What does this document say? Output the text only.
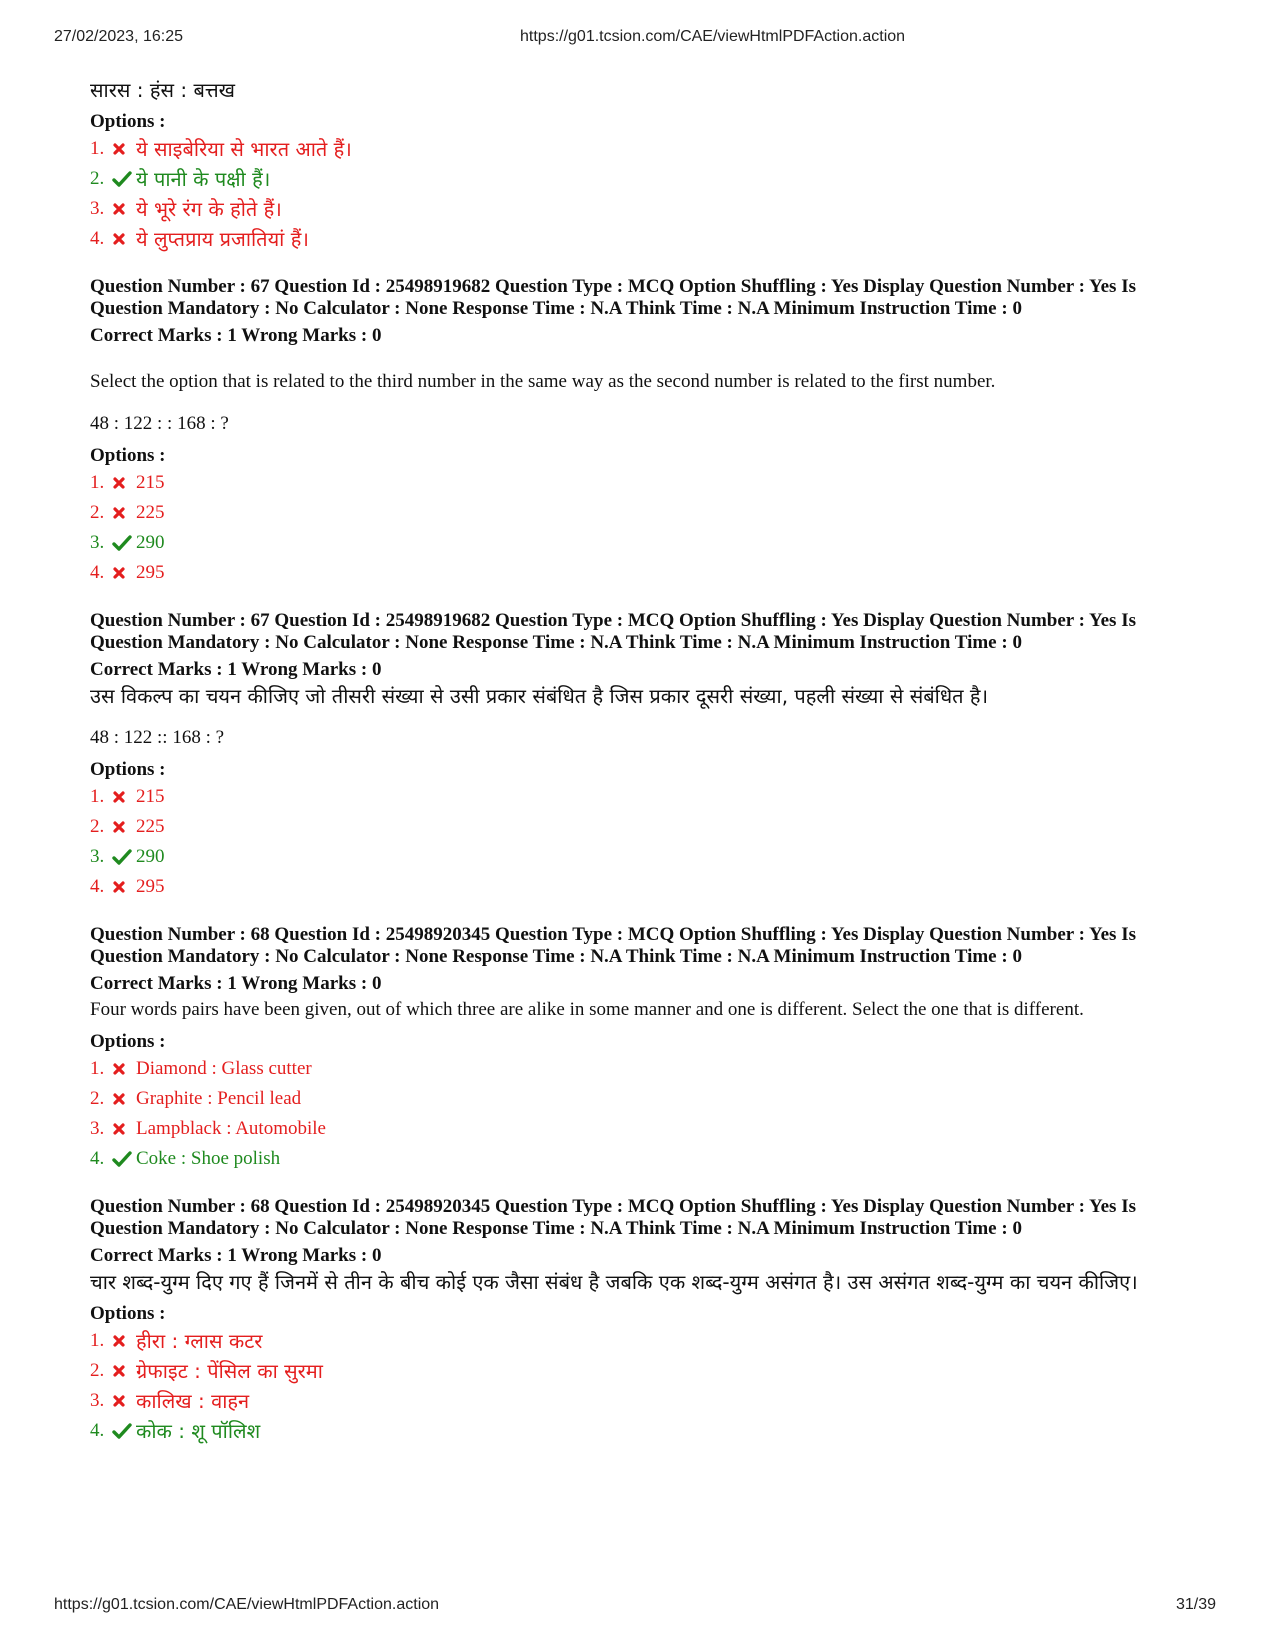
27/02/2023, 16:25	https://g01.tcsion.com/CAE/viewHtmlPDFAction.action
सारस : हंस : बत्तख
Options :
1.	ये साइबेरिया से भारत आते हैं।
2.	ये पानी के पक्षी हैं।
3.	ये भूरे रंग के होते हैं।
4.	ये लुप्तप्राय प्रजातियां हैं।
Question Number : 67 Question Id : 25498919682 Question Type : MCQ Option Shuffling : Yes Display Question Number : Yes Is
Question Mandatory : No Calculator : None Response Time : N.A Think Time : N.A Minimum Instruction Time : 0
Correct Marks : 1 Wrong Marks : 0
Select the option that is related to the third number in the same way as the second number is related to the first number.
48 : 122 : : 168 : ?
Options :
1.	215
2.	225
3.	290
4.	295
Question Number : 67 Question Id : 25498919682 Question Type : MCQ Option Shuffling : Yes Display Question Number : Yes Is
Question Mandatory : No Calculator : None Response Time : N.A Think Time : N.A Minimum Instruction Time : 0
Correct Marks : 1 Wrong Marks : 0
उस विकल्प का चयन कीजिए जो तीसरी संख्या से उसी प्रकार संबंधित है जिस प्रकार दूसरी संख्या, पहली संख्या से संबंधित है।
48 : 122 :: 168 : ?
Options :
1.	215
2.	225
3.	290
4.	295
Question Number : 68 Question Id : 25498920345 Question Type : MCQ Option Shuffling : Yes Display Question Number : Yes Is
Question Mandatory : No Calculator : None Response Time : N.A Think Time : N.A Minimum Instruction Time : 0
Correct Marks : 1 Wrong Marks : 0
Four words pairs have been given, out of which three are alike in some manner and one is different. Select the one that is different.
Options :
1.	Diamond : Glass cutter
2.	Graphite : Pencil lead
3.	Lampblack : Automobile
4.	Coke : Shoe polish
Question Number : 68 Question Id : 25498920345 Question Type : MCQ Option Shuffling : Yes Display Question Number : Yes Is
Question Mandatory : No Calculator : None Response Time : N.A Think Time : N.A Minimum Instruction Time : 0
Correct Marks : 1 Wrong Marks : 0
चार शब्द-युग्म दिए गए हैं जिनमें से तीन के बीच कोई एक जैसा संबंध है जबकि एक शब्द-युग्म असंगत है। उस असंगत शब्द-युग्म का चयन कीजिए।
Options :
1.	हीरा : ग्लास कटर
2.	ग्रेफाइट : पेंसिल का सुरमा
3.	कालिख : वाहन
4.	कोक : शू पॉलिश
https://g01.tcsion.com/CAE/viewHtmlPDFAction.action	31/39
